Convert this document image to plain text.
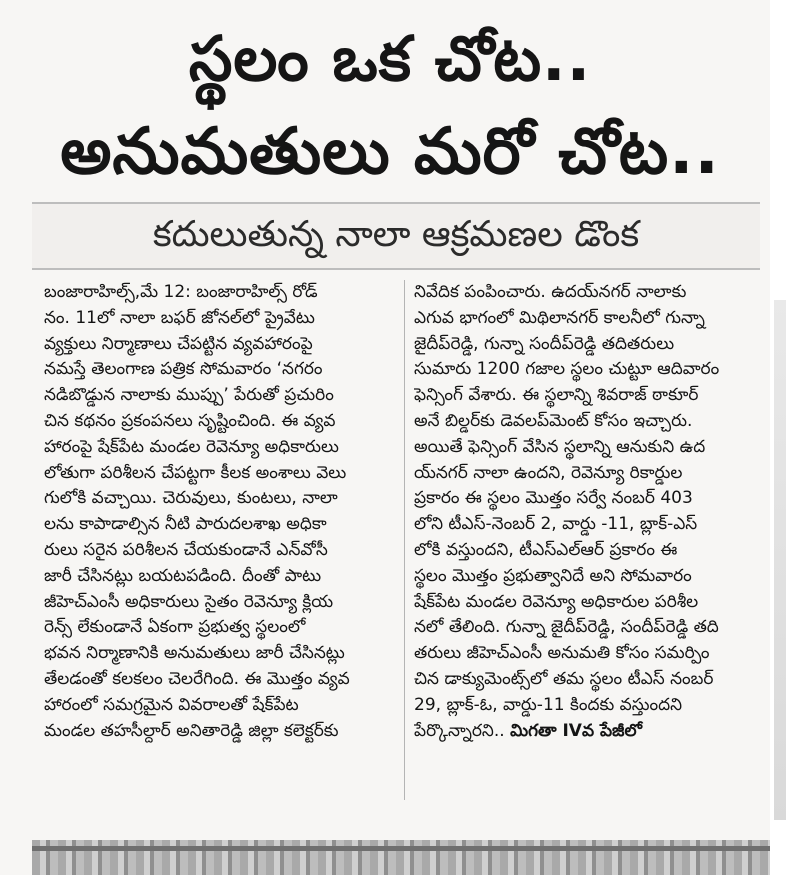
స్థలం ఒక చోట..
అనుమతులు మరో చోట..
కదులుతున్న నాలా ఆక్రమణల డొంక
బంజారాహిల్స్,మే 12: బంజారాహిల్స్ రోడ్
నం. 11లో నాలా బఫర్ జోనల్‌లో ప్రైవేటు
వ్యక్తులు నిర్మాణాలు చేపట్టిన వ్యవహారంపై
నమస్తే తెలంగాణ పత్రిక సోమవారం ‘నగరం
నడిబొడ్డున నాలాకు ముప్పు’ పేరుతో ప్రచురిం
చిన కథనం ప్రకంపనలు సృష్టించింది. ఈ వ్యవ
హారంపై షేక్‌పేట మండల రెవెన్యూ అధికారులు
లోతుగా పరిశీలన చేపట్టగా కీలక అంశాలు వెలు
గులోకి వచ్చాయి. చెరువులు, కుంటలు, నాలా
లను కాపాడాల్సిన నీటి పారుదలశాఖ అధికా
రులు సరైన పరిశీలన చేయకుండానే ఎన్‌వోసీ
జారీ చేసినట్లు బయటపడింది. దీంతో పాటు
జీహెచ్‌ఎంసీ అధికారులు సైతం రెవెన్యూ క్లియ
రెన్స్ లేకుండానే ఏకంగా ప్రభుత్వ స్థలంలో
భవన నిర్మాణానికి అనుమతులు జారీ చేసినట్లు
తేలడంతో కలకలం చెలరేగింది. ఈ మొత్తం వ్యవ
హారంలో సమగ్రమైన వివరాలతో షేక్‌పేట
మండల తహసీల్దార్ అనితారెడ్డి జిల్లా కలెక్టర్‌కు
నివేదిక పంపించారు. ఉదయ్‌నగర్ నాలాకు
ఎగువ భాగంలో మిథిలానగర్ కాలనీలో గున్నా
జైదీప్‌రెడ్డి, గున్నా సందీప్‌రెడ్డి తదితరులు
సుమారు 1200 గజాల స్థలం చుట్టూ ఆదివారం
ఫెన్సింగ్ వేశారు. ఈ స్థలాన్ని శివరాజ్ ఠాకూర్
అనే బిల్డర్‌కు డెవలప్‌మెంట్ కోసం ఇచ్చారు.
అయితే ఫెన్సింగ్ వేసిన స్థలాన్ని ఆనుకుని ఉద
య్‌నగర్ నాలా ఉందని, రెవెన్యూ రికార్డుల
ప్రకారం ఈ స్థలం మొత్తం సర్వే నంబర్ 403
లోని టీఎస్-నెంబర్ 2, వార్డు -11, బ్లాక్-ఎస్
లోకి వస్తుందని, టీఎస్ఎల్ఆర్ ప్రకారం ఈ
స్థలం మొత్తం ప్రభుత్వానిదే అని సోమవారం
షేక్‌పేట మండల రెవెన్యూ అధికారుల పరిశీల
నలో తేలింది. గున్నా జైదీప్‌రెడ్డి, సందీప్‌రెడ్డి తది
తరులు జీహెచ్‌ఎంసీ అనుమతి కోసం సమర్పిం
చిన డాక్యుమెంట్స్‌లో తమ స్థలం టీఎస్ నంబర్
29, బ్లాక్-ఓ, వార్డు-11 కిందకు వస్తుందని
పేర్కొన్నారని.. మిగతా IVవ పేజీలో
